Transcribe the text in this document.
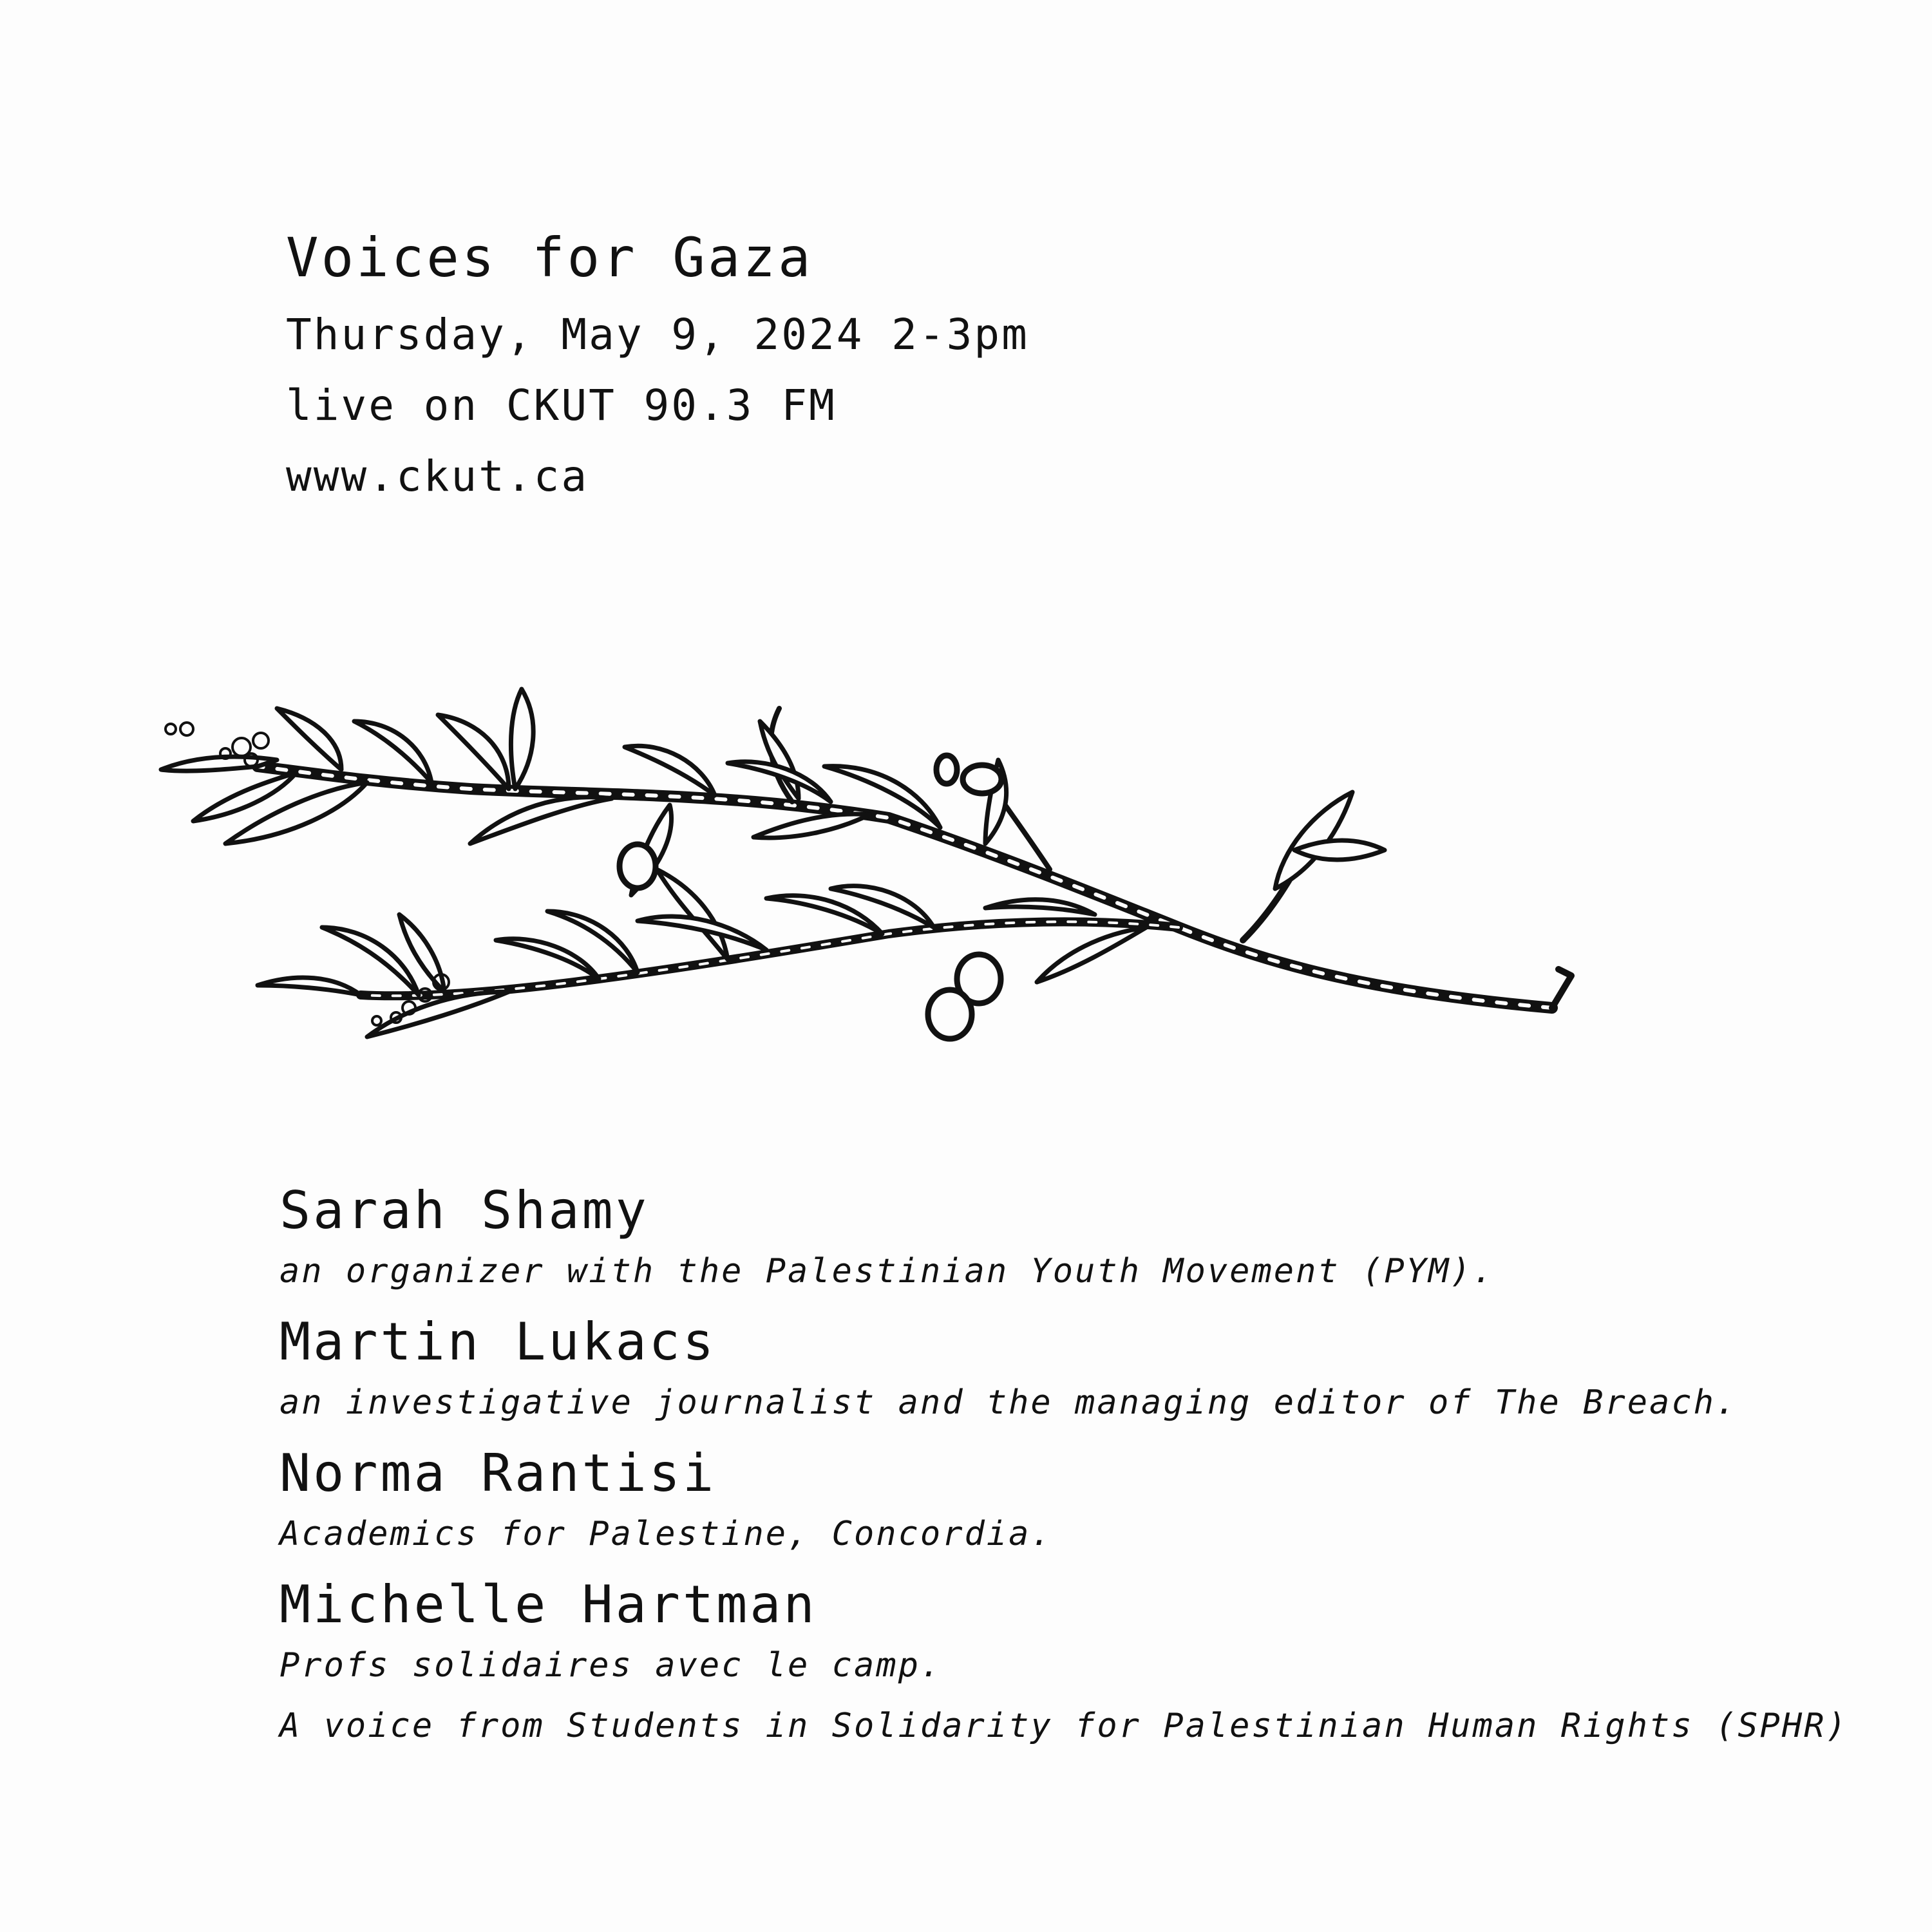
Voices for Gaza

Thursday, May 9, 2024 2-3pm

live on CKUT 90.3 FM

www.ckut.ca

Sarah Shamy

an organizer with the Palestinian Youth Movement (PYM).

Martin Lukacs

an investigative journalist and the managing editor of The Breach.

Norma Rantisi

Academics for Palestine, Concordia.

Michelle Hartman

Profs solidaires avec le camp.

A voice from Students in Solidarity for Palestinian Human Rights (SPHR)
